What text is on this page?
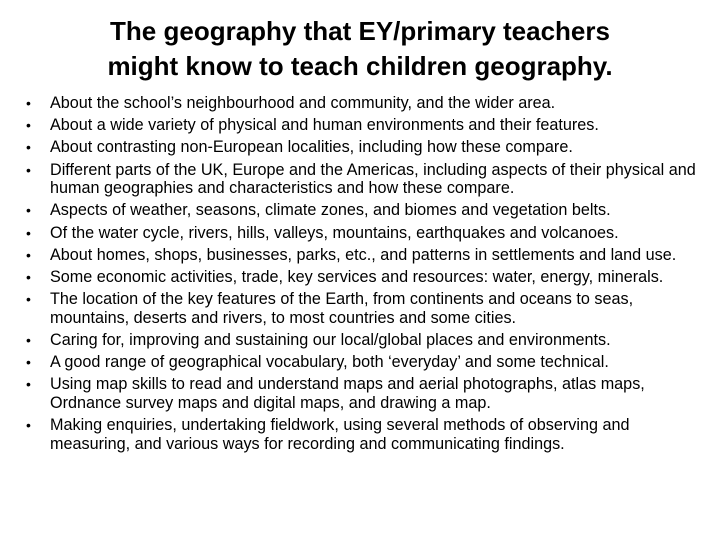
The geography that EY/primary teachers
might know to teach children geography.
• About the school’s neighbourhood and community, and the wider area.
• About a wide variety of physical and human environments and their features.
• About contrasting non-European localities, including how these compare.
• Different parts of the UK, Europe and the Americas, including aspects of their physical and human geographies and characteristics and how these compare.
• Aspects of weather, seasons, climate zones, and biomes and vegetation belts.
• Of the water cycle, rivers, hills, valleys, mountains, earthquakes and volcanoes.
• About homes, shops, businesses, parks, etc., and patterns in settlements and land use.
• Some economic activities, trade, key services and resources: water, energy, minerals.
• The location of the key features of the Earth, from continents and oceans to seas, mountains, deserts and rivers, to most countries and some cities.
• Caring for, improving and sustaining our local/global places and environments.
• A good range of geographical vocabulary, both ‘everyday’ and some technical.
• Using map skills to read and understand maps and aerial photographs, atlas maps, Ordnance survey maps and digital maps, and drawing a map.
• Making enquiries, undertaking fieldwork, using several methods of observing and measuring, and various ways for recording and communicating findings.
